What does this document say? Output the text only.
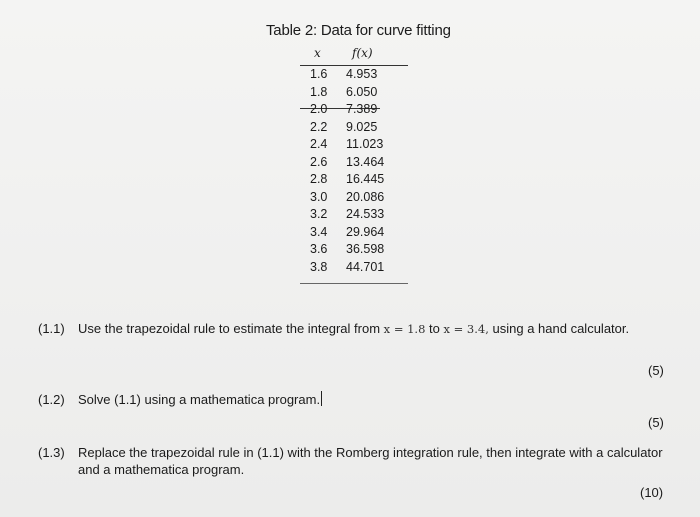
Table 2: Data for curve fitting
x	f(x)
1.6 4.953
1.8 6.050
2.0 7.389
2.2 9.025
2.4 11.023
2.6 13.464
2.8 16.445
3.0 20.086
3.2 24.533
3.4 29.964
3.6 36.598
3.8 44.701
(1.1) Use the trapezoidal rule to estimate the integral from x = 1.8 to x = 3.4, using a hand calculator.
(5)
(1.2) Solve (1.1) using a mathematica program.
(5)
(1.3) Replace the trapezoidal rule in (1.1) with the Romberg integration rule, then integrate with a calculator and a mathematica program.
(10)
